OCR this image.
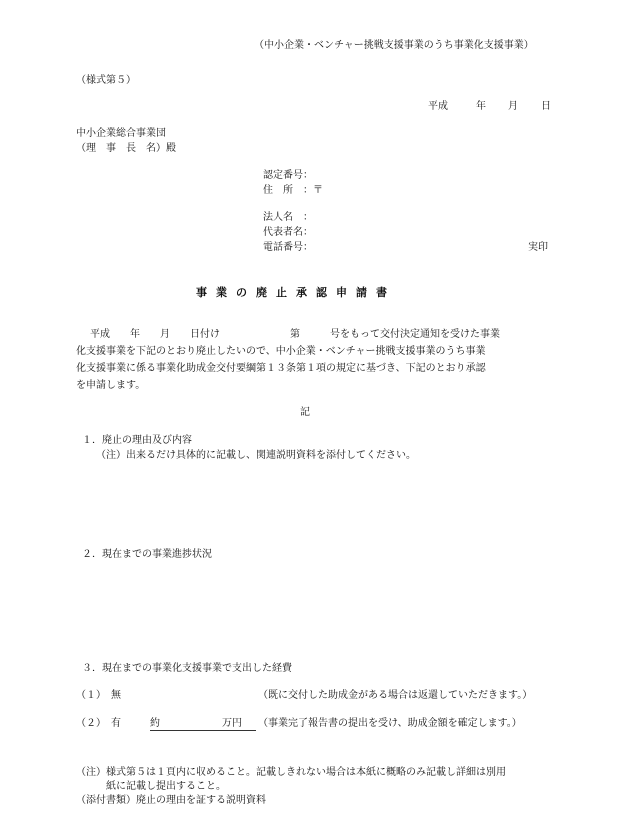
（中小企業・ベンチャー挑戦支援事業のうち事業化支援事業）
（様式第５）
平成	年 月 日
中小企業総合事業団
（理　事　長　名）殿
認定番号：
住　所　：〒
法人名　：
代表者名：
電話番号：	実印
事業の廃止承認申請書
平成　　年　　月　　日付け　　　　　　　第　　　号をもって交付決定通知を受けた事業
化支援事業を下記のとおり廃止したいので、中小企業・ベンチャー挑戦支援事業のうち事業
化支援事業に係る事業化助成金交付要綱第１３条第１項の規定に基づき、下記のとおり承認
を申請します。
記
１．廃止の理由及び内容
（注）出来るだけ具体的に記載し、関連説明資料を添付してください。
２．現在までの事業進捗状況
３．現在までの事業化支援事業で支出した経費
（１）　無	（既に交付した助成金がある場合は返還していただきます。）
（２）　有	約	万円	（事業完了報告書の提出を受け、助成金額を確定します。）
（注）様式第５は１頁内に収めること。記載しきれない場合は本紙に概略のみ記載し詳細は別用
紙に記載し提出すること。
（添付書類）廃止の理由を証する説明資料
